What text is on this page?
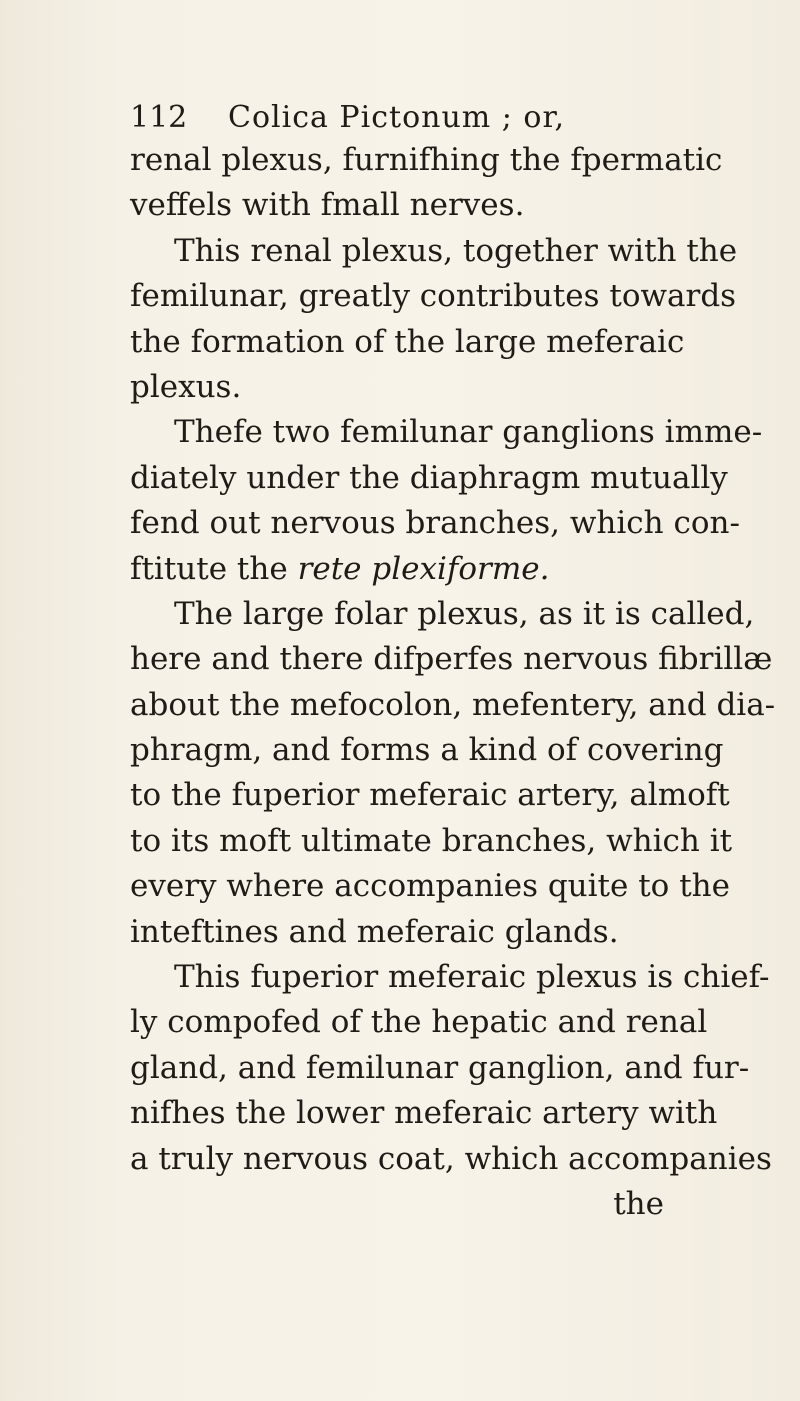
112 Colica Pictonum ; or,
renal plexus, furnifhing the fpermatic
veffels with fmall nerves.
This renal plexus, together with the
femilunar, greatly contributes towards
the formation of the large meferaic
plexus.
Thefe two femilunar ganglions imme-
diately under the diaphragm mutually
fend out nervous branches, which con-
ftitute the rete plexiforme.
The large folar plexus, as it is called,
here and there difperfes nervous fibrillæ
about the mefocolon, mefentery, and dia-
phragm, and forms a kind of covering
to the fuperior meferaic artery, almoft
to its moft ultimate branches, which it
every where accompanies quite to the
inteftines and meferaic glands.
This fuperior meferaic plexus is chief-
ly compofed of the hepatic and renal
gland, and femilunar ganglion, and fur-
nifhes the lower meferaic artery with
a truly nervous coat, which accompanies
the
